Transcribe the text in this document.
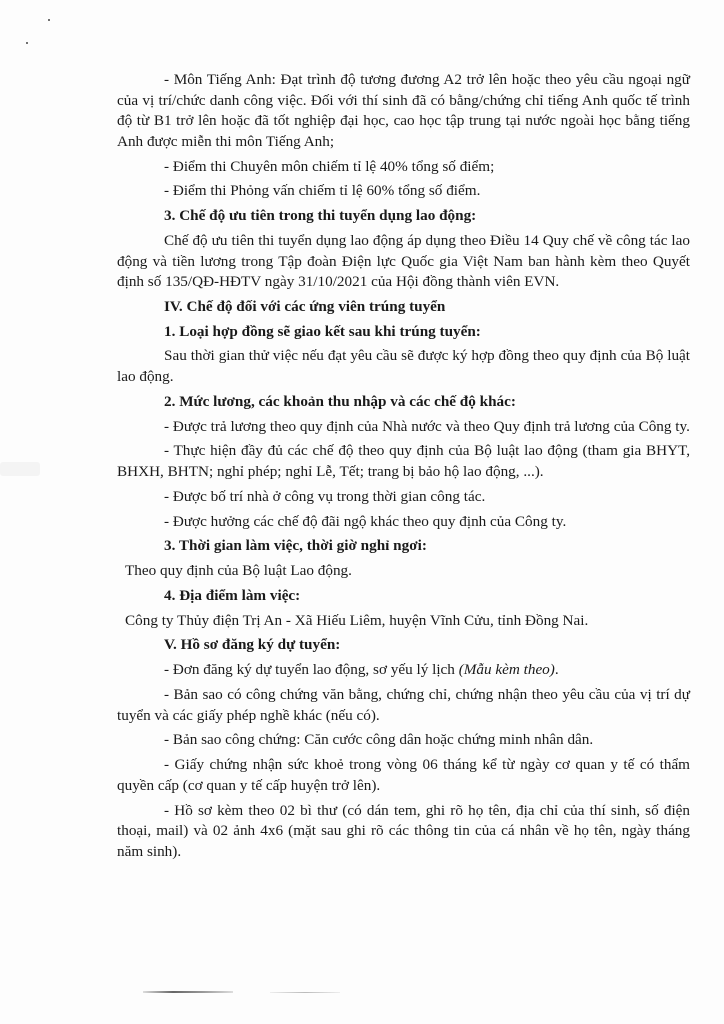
- Môn Tiếng Anh: Đạt trình độ tương đương A2 trở lên hoặc theo yêu cầu ngoại ngữ của vị trí/chức danh công việc. Đối với thí sinh đã có bằng/chứng chỉ tiếng Anh quốc tế trình độ từ B1 trở lên hoặc đã tốt nghiệp đại học, cao học tập trung tại nước ngoài học bằng tiếng Anh được miễn thi môn Tiếng Anh;

- Điểm thi Chuyên môn chiếm tỉ lệ 40% tổng số điểm;

- Điểm thi Phỏng vấn chiếm tỉ lệ 60% tổng số điểm.

3. Chế độ ưu tiên trong thi tuyển dụng lao động:

Chế độ ưu tiên thi tuyển dụng lao động áp dụng theo Điều 14 Quy chế về công tác lao động và tiền lương trong Tập đoàn Điện lực Quốc gia Việt Nam ban hành kèm theo Quyết định số 135/QĐ-HĐTV ngày 31/10/2021 của Hội đồng thành viên EVN.

IV. Chế độ đối với các ứng viên trúng tuyển

1. Loại hợp đồng sẽ giao kết sau khi trúng tuyển:

Sau thời gian thử việc nếu đạt yêu cầu sẽ được ký hợp đồng theo quy định của Bộ luật lao động.

2. Mức lương, các khoản thu nhập và các chế độ khác:

- Được trả lương theo quy định của Nhà nước và theo Quy định trả lương của Công ty.

- Thực hiện đầy đủ các chế độ theo quy định của Bộ luật lao động (tham gia BHYT, BHXH, BHTN; nghỉ phép; nghỉ Lễ, Tết; trang bị bảo hộ lao động, ...).

- Được bố trí nhà ở công vụ trong thời gian công tác.

- Được hưởng các chế độ đãi ngộ khác theo quy định của Công ty.

3. Thời gian làm việc, thời giờ nghỉ ngơi:

Theo quy định của Bộ luật Lao động.

4. Địa điểm làm việc:

Công ty Thủy điện Trị An - Xã Hiếu Liêm, huyện Vĩnh Cửu, tỉnh Đồng Nai.

V. Hồ sơ đăng ký dự tuyển:

- Đơn đăng ký dự tuyển lao động, sơ yếu lý lịch (Mẫu kèm theo).

- Bản sao có công chứng văn bằng, chứng chỉ, chứng nhận theo yêu cầu của vị trí dự tuyển và các giấy phép nghề khác (nếu có).

- Bản sao công chứng: Căn cước công dân hoặc chứng minh nhân dân.

- Giấy chứng nhận sức khoẻ trong vòng 06 tháng kể từ ngày cơ quan y tế có thẩm quyền cấp (cơ quan y tế cấp huyện trở lên).

- Hồ sơ kèm theo 02 bì thư (có dán tem, ghi rõ họ tên, địa chỉ của thí sinh, số điện thoại, mail) và 02 ảnh 4x6 (mặt sau ghi rõ các thông tin của cá nhân về họ tên, ngày tháng năm sinh).
